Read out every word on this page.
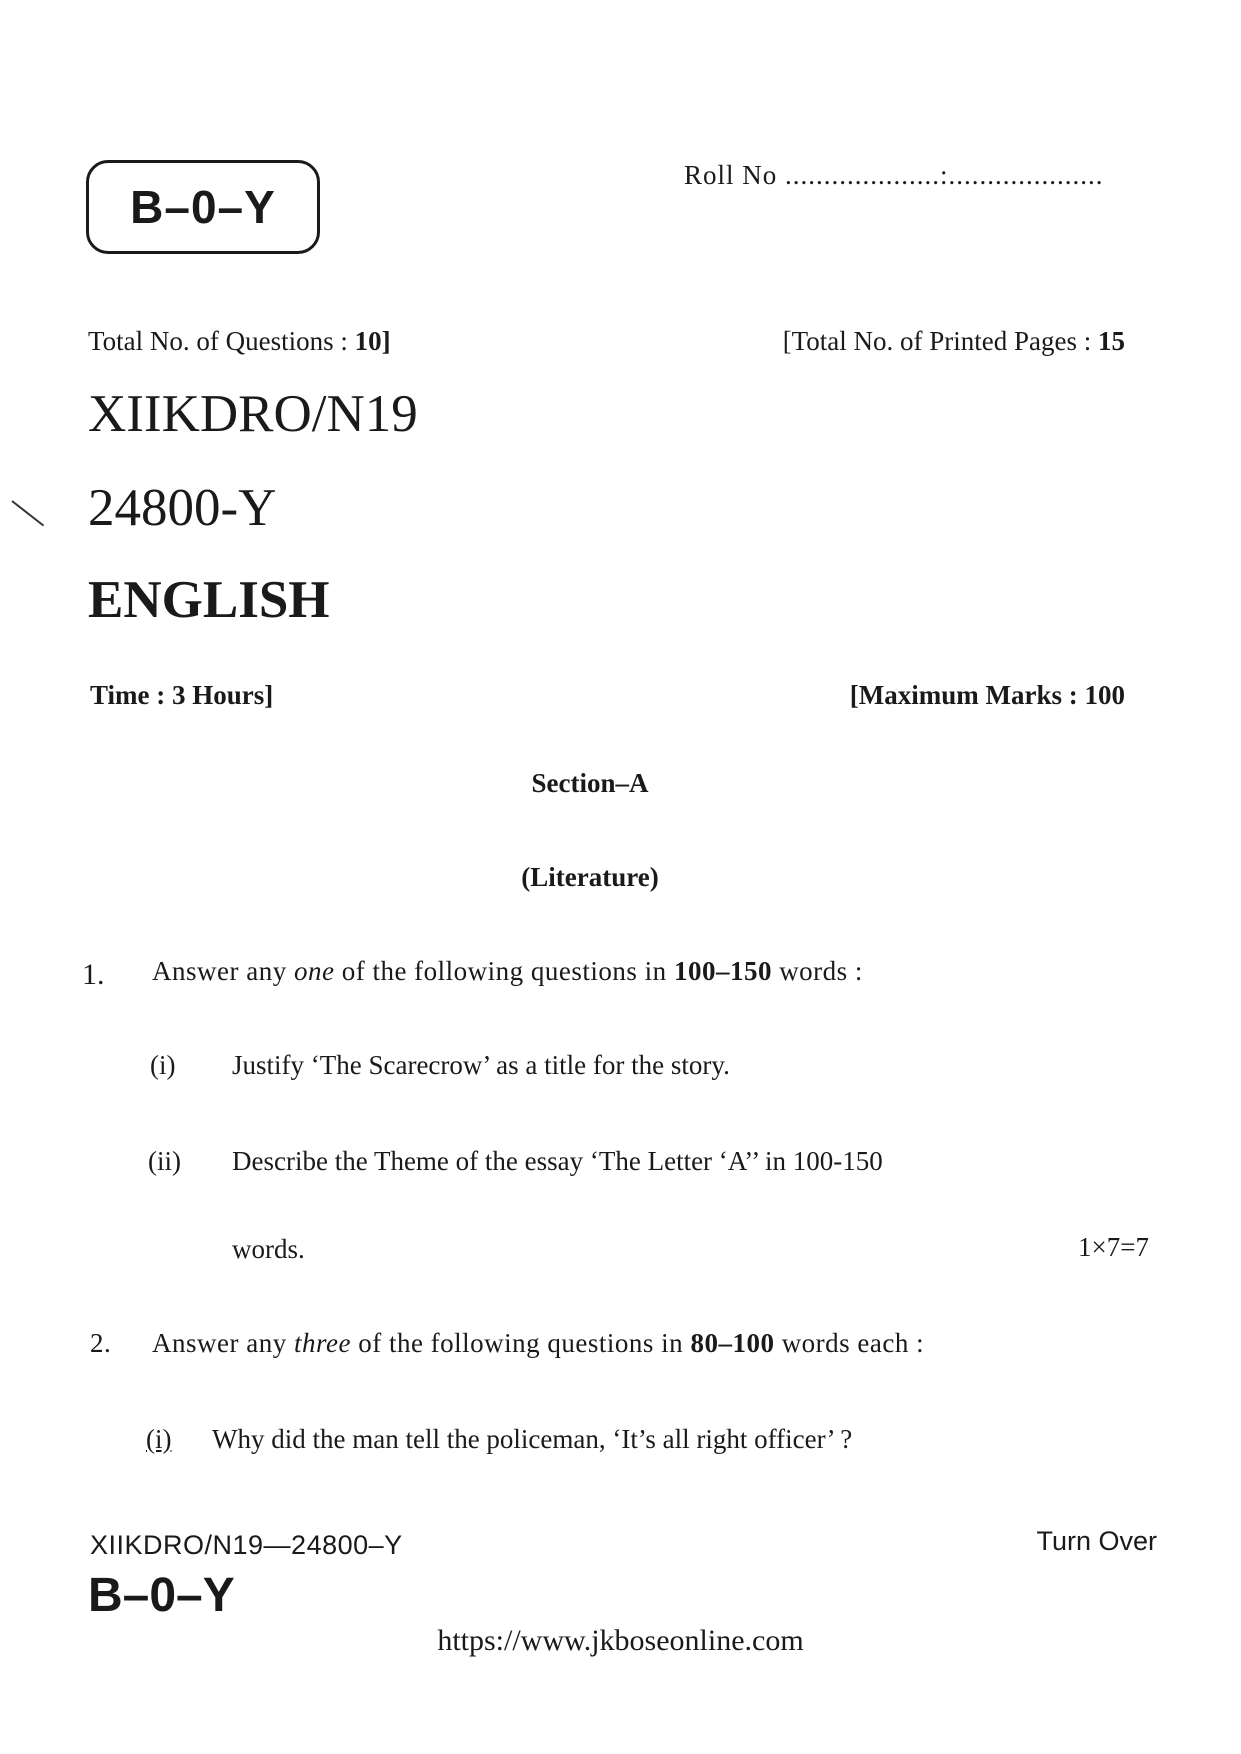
B–0–Y
Roll No ....................:....................
Total No. of Questions : 10]	[Total No. of Printed Pages : 15
XIIKDRO/N19
24800-Y
ENGLISH
Time : 3 Hours]	[Maximum Marks : 100
Section–A
(Literature)
1. Answer any one of the following questions in 100–150 words :
(i) Justify ‘The Scarecrow’ as a title for the story.
(ii) Describe the Theme of the essay ‘The Letter ‘A’’ in 100-150
words.	1×7=7
2. Answer any three of the following questions in 80–100 words each :
(i) Why did the man tell the policeman, ‘It’s all right officer’ ?
XIIKDRO/N19—24800–Y	Turn Over
B–0–Y
https://www.jkboseonline.com
